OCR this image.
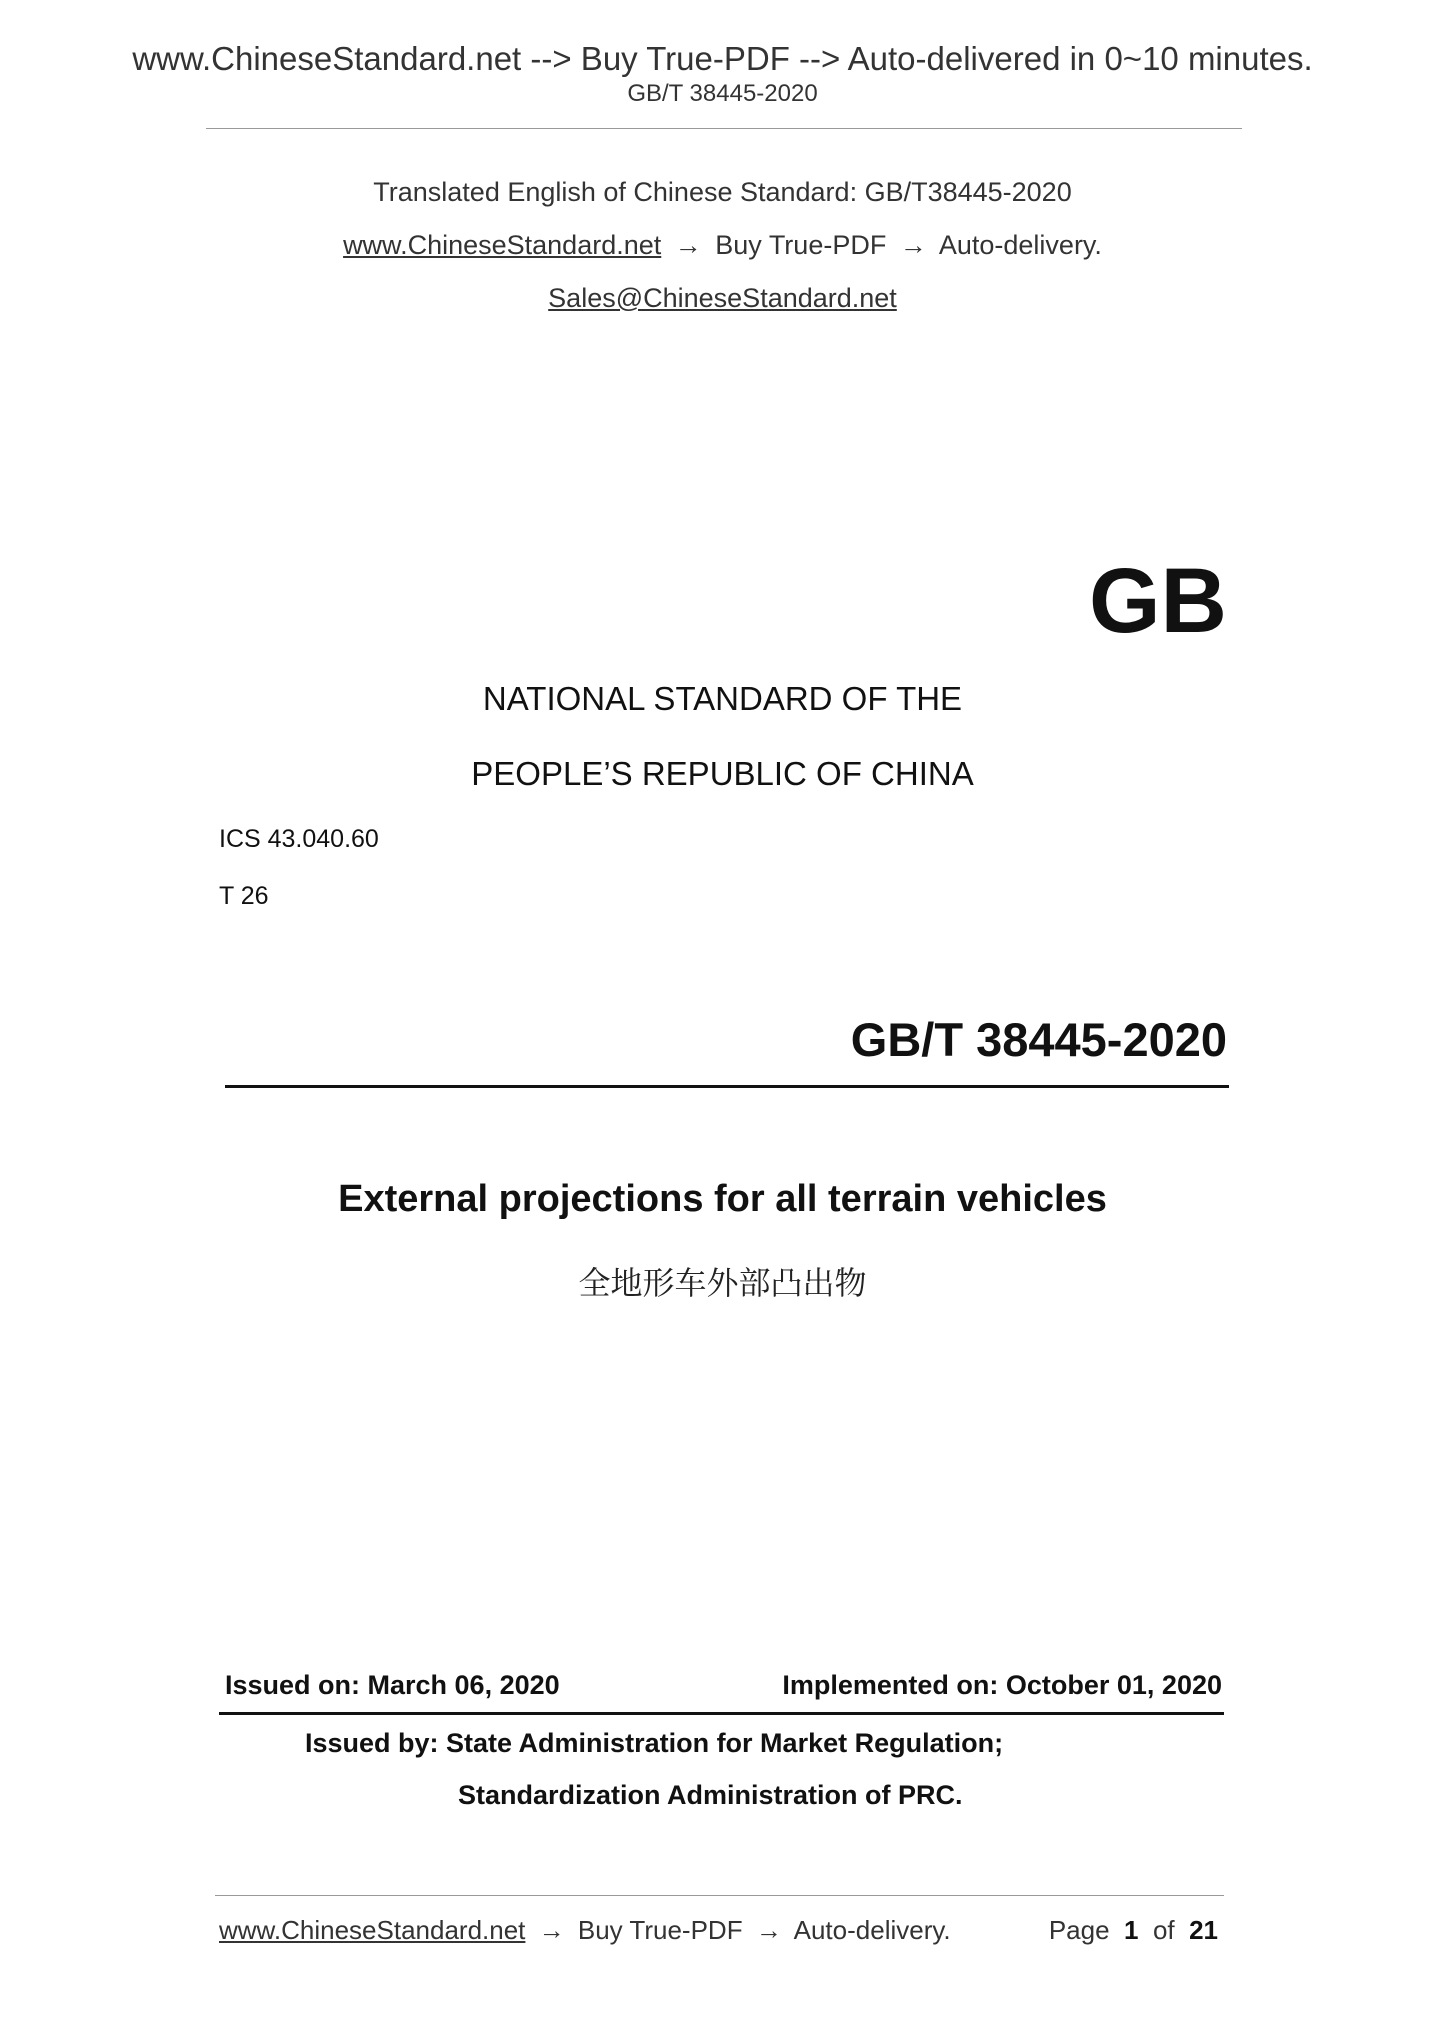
www.ChineseStandard.net --> Buy True-PDF --> Auto-delivered in 0~10 minutes.
GB/T 38445-2020
Translated English of Chinese Standard: GB/T38445-2020
www.ChineseStandard.net → Buy True-PDF → Auto-delivery.
Sales@ChineseStandard.net
GB
NATIONAL STANDARD OF THE
PEOPLE’S REPUBLIC OF CHINA
ICS 43.040.60
T 26
GB/T 38445-2020
External projections for all terrain vehicles
全地形车外部凸出物
Issued on: March 06, 2020	Implemented on: October 01, 2020
Issued by: State Administration for Market Regulation;
Standardization Administration of PRC.
www.ChineseStandard.net → Buy True-PDF → Auto-delivery.	Page 1 of 21
